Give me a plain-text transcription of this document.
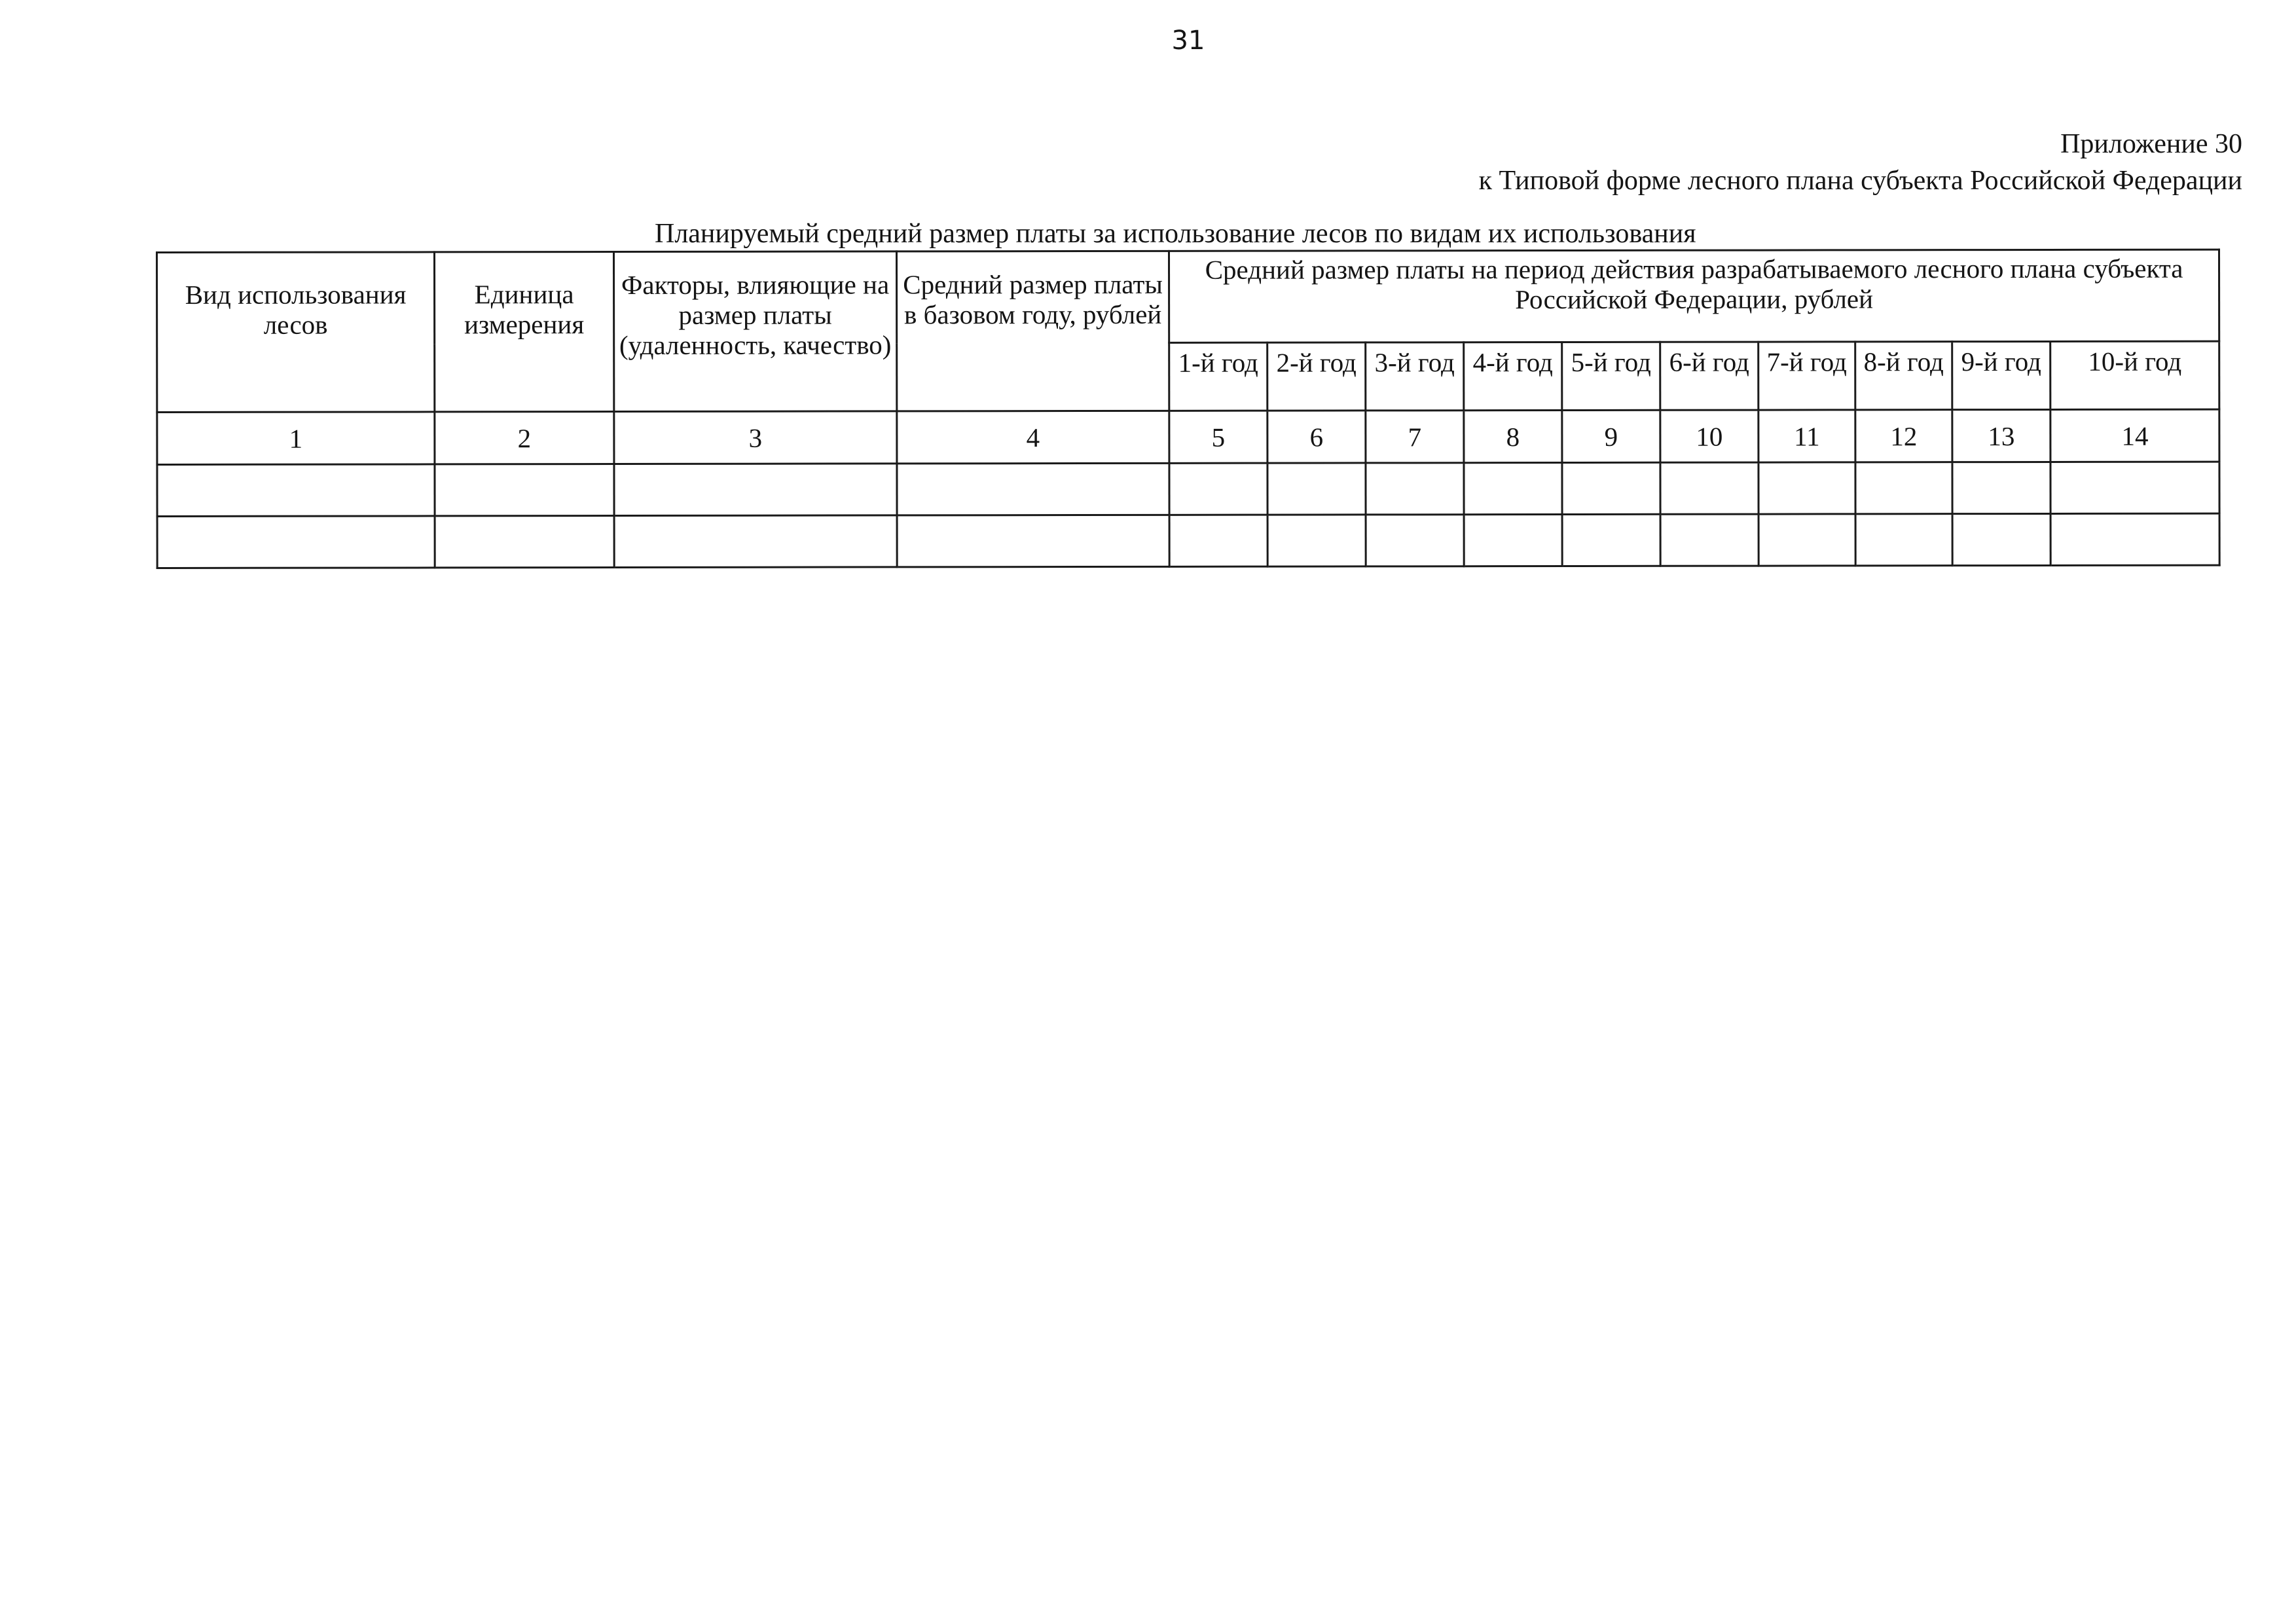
31
Приложение 30
к Типовой форме лесного плана субъекта Российской Федерации
Планируемый средний размер платы за использование лесов по видам их использования
Вид использования лесов	Единица измерения	Факторы, влияющие на размер платы (удаленность, качество)	Средний размер платы в базовом году, рублей	Средний размер платы на период действия разрабатываемого лесного плана субъекта Российской Федерации, рублей									
				1-й год	2-й год	3-й год	4-й год	5-й год	6-й год	7-й год	8-й год	9-й год	10-й год
1	2	3	4	5	6	7	8	9	10	11	12	13	14
